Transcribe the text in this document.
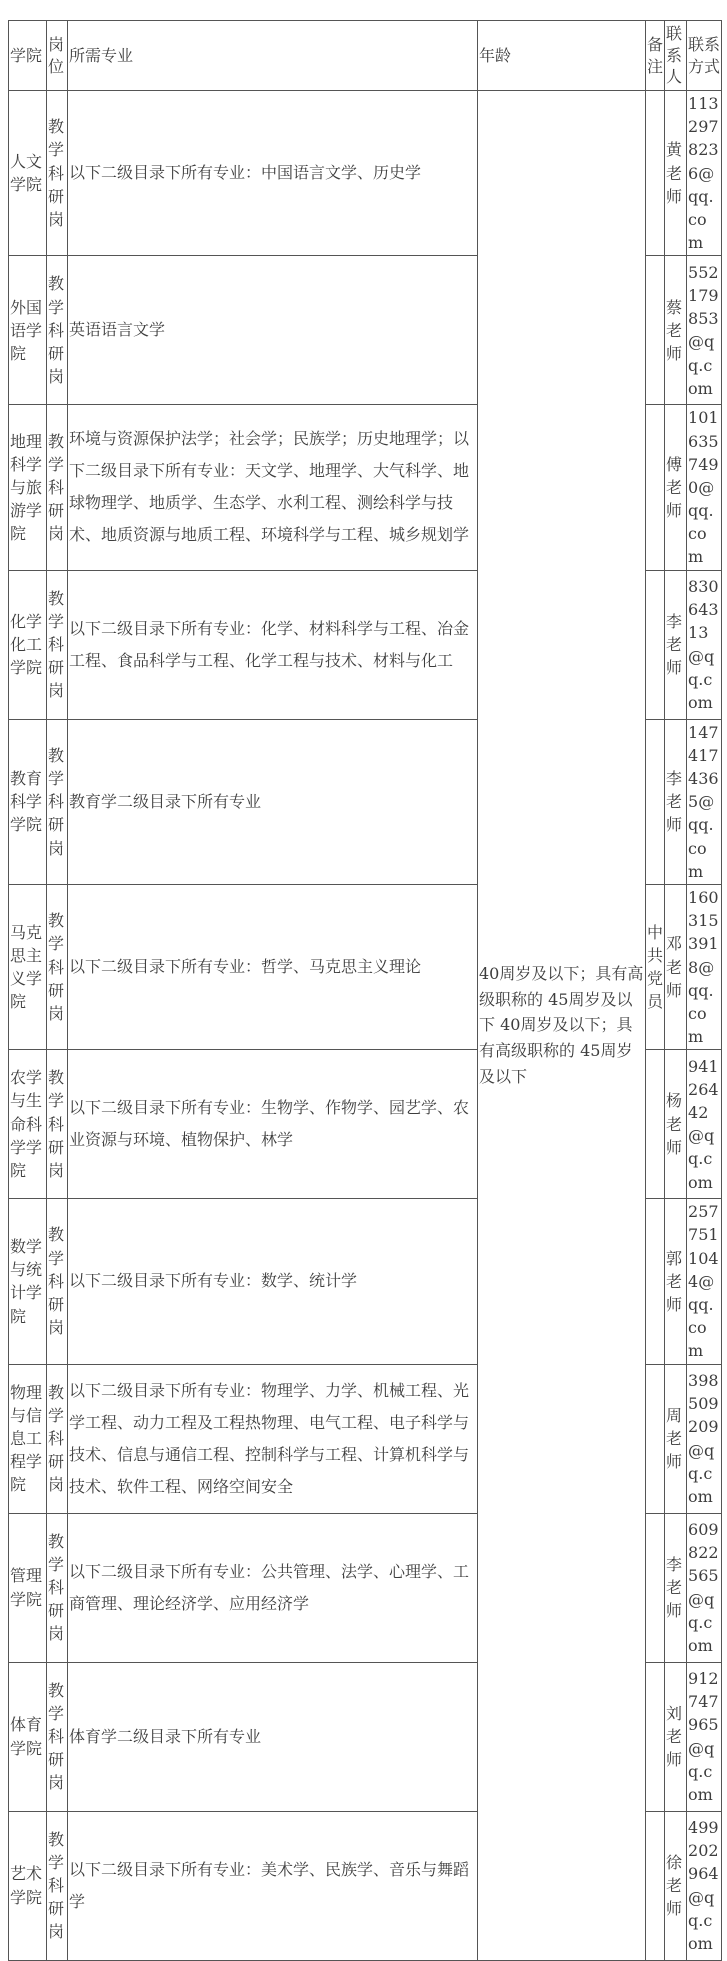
学院	岗位	所需专业	年龄	备注	联系人	联系方式
人文学院	教学科研岗	以下二级目录下所有专业：中国语言文学、历史学	40周岁及以下；具有高级职称的 45周岁及以下 40周岁及以下；具有高级职称的 45周岁及以下		黄老师	1132978236@qq.com
外国语学院	教学科研岗	英语语言文学			蔡老师	552179853@qq.com
地理科学与旅游学院	教学科研岗	环境与资源保护法学；社会学；民族学；历史地理学；以下二级目录下所有专业：天文学、地理学、大气科学、地球物理学、地质学、生态学、水利工程、测绘科学与技术、地质资源与地质工程、环境科学与工程、城乡规划学			傅老师	1016357490@qq.com
化学化工学院	教学科研岗	以下二级目录下所有专业：化学、材料科学与工程、冶金工程、食品科学与工程、化学工程与技术、材料与化工			李老师	83064313@qq.com
教育科学学院	教学科研岗	教育学二级目录下所有专业			李老师	1474174365@qq.com
马克思主义学院	教学科研岗	以下二级目录下所有专业：哲学、马克思主义理论		中共党员	邓老师	1603153918@qq.com
农学与生命科学学院	教学科研岗	以下二级目录下所有专业：生物学、作物学、园艺学、农业资源与环境、植物保护、林学			杨老师	94126442@qq.com
数学与统计学院	教学科研岗	以下二级目录下所有专业：数学、统计学			郭老师	2577511044@qq.com
物理与信息工程学院	教学科研岗	以下二级目录下所有专业：物理学、力学、机械工程、光学工程、动力工程及工程热物理、电气工程、电子科学与技术、信息与通信工程、控制科学与工程、计算机科学与技术、软件工程、网络空间安全			周老师	398509209@qq.com
管理学院	教学科研岗	以下二级目录下所有专业：公共管理、法学、心理学、工商管理、理论经济学、应用经济学			李老师	609822565@qq.com
体育学院	教学科研岗	体育学二级目录下所有专业			刘老师	912747965@qq.com
艺术学院	教学科研岗	以下二级目录下所有专业：美术学、民族学、音乐与舞蹈学			徐老师	499202964@qq.com
